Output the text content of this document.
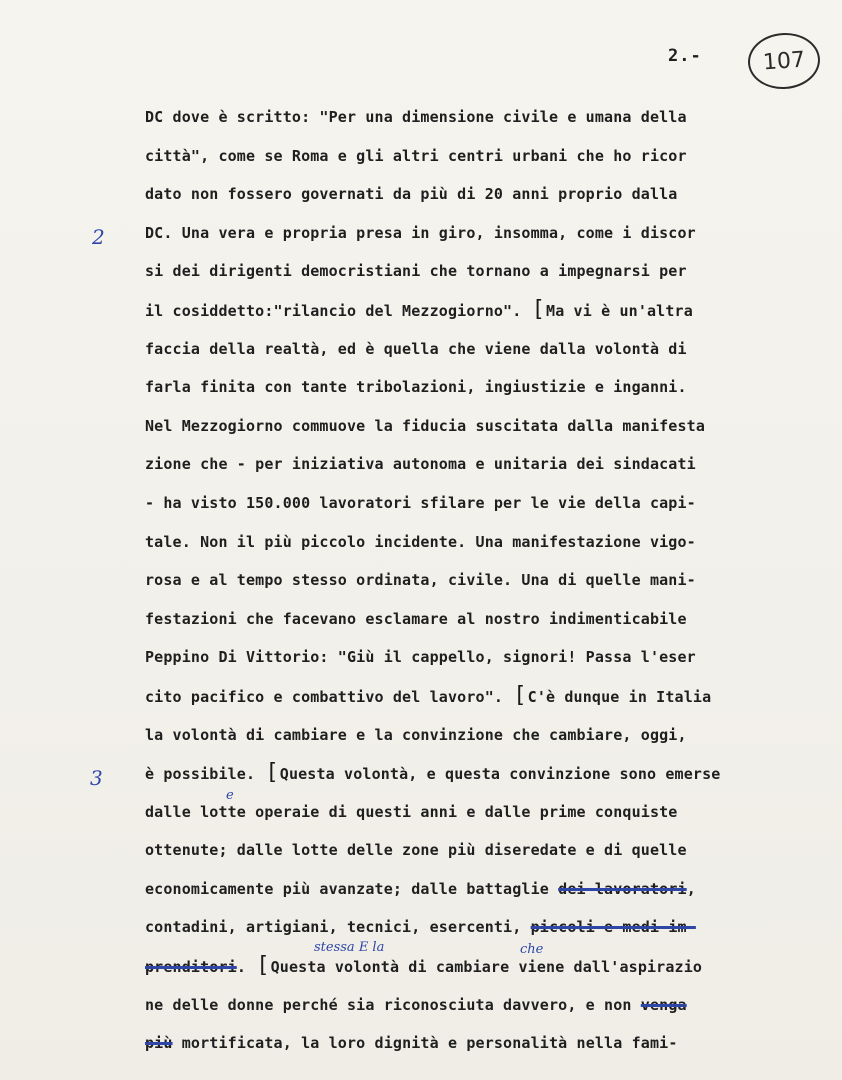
2.-	107
2
3
stessa E la	che
e
DC dove è scritto: "Per una dimensione civile e umana della
città", come se Roma e gli altri centri urbani che ho ricor
dato non fossero governati da più di 20 anni proprio dalla
DC. Una vera e propria presa in giro, insomma, come i discor
si dei dirigenti democristiani che tornano a impegnarsi per
il cosiddetto:"rilancio del Mezzogiorno". [Ma vi è un'altra
faccia della realtà, ed è quella che viene dalla volontà di
farla finita con tante tribolazioni, ingiustizie e inganni.
Nel Mezzogiorno commuove la fiducia suscitata dalla manifesta
zione che - per iniziativa autonoma e unitaria dei sindacati
- ha visto 150.000 lavoratori sfilare per le vie della capi-
tale. Non il più piccolo incidente. Una manifestazione vigo-
rosa e al tempo stesso ordinata, civile. Una di quelle mani-
festazioni che facevano esclamare al nostro indimenticabile
Peppino Di Vittorio: "Giù il cappello, signori! Passa l'eser
cito pacifico e combattivo del lavoro". [C'è dunque in Italia
la volontà di cambiare e la convinzione che cambiare, oggi,
è possibile. [Questa volontà, e questa convinzione sono emerse
dalle lotte operaie di questi anni e dalle prime conquiste
ottenute; dalle lotte delle zone più diseredate e di quelle
economicamente più avanzate; dalle battaglie dei lavoratori,
contadini, artigiani, tecnici, esercenti, piccoli e medi im-
prenditori. [Questa volontà di cambiare viene dall'aspirazio
ne delle donne perché sia riconosciuta davvero, e non venga
più mortificata, la loro dignità e personalità nella fami-
